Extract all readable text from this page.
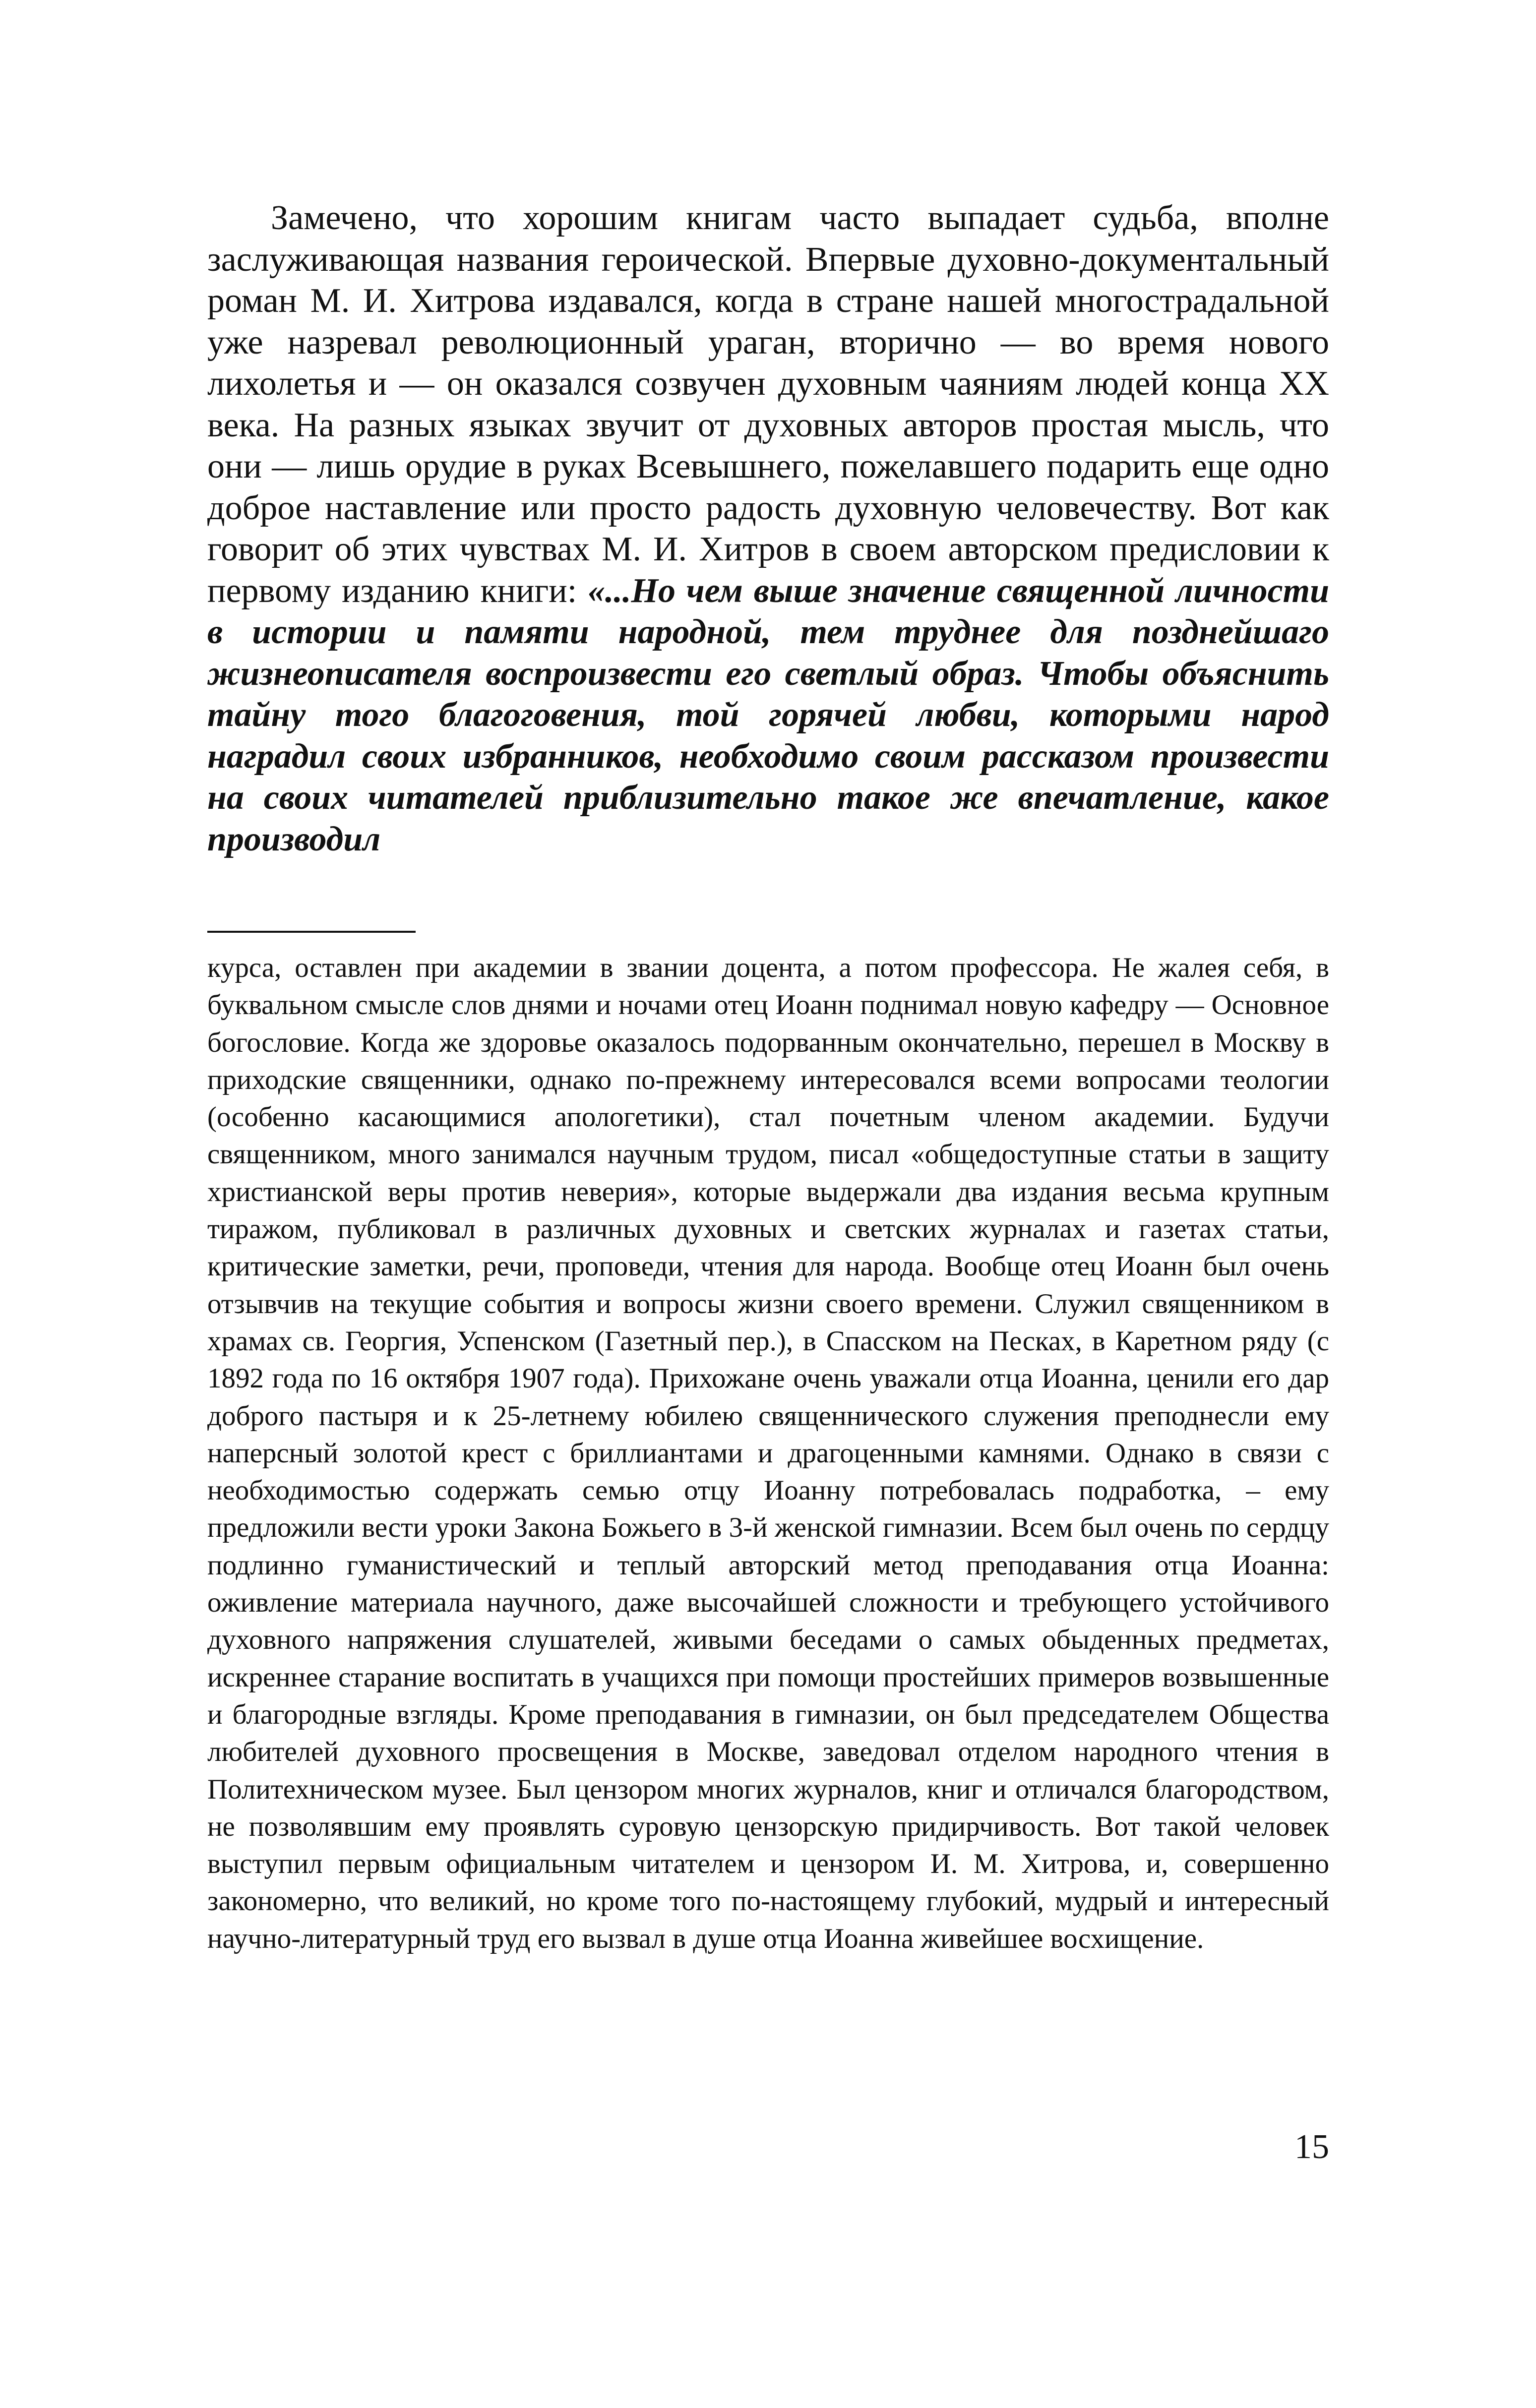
Замечено, что хорошим книгам часто выпадает судьба, вполне заслуживающая названия героической. Впервые духовно-документальный роман М. И. Хитрова издавался, когда в стране нашей многострадальной уже назревал революционный ураган, вторично — во время нового лихолетья и — он оказался созвучен духовным чаяниям людей конца XX века. На разных языках звучит от духовных авторов простая мысль, что они — лишь орудие в руках Всевышнего, пожелавшего подарить еще одно доброе наставление или просто радость духовную человечеству. Вот как говорит об этих чувствах М. И. Хитров в своем авторском предисловии к первому изданию книги: «...Но чем выше значение священной личности в истории и памяти народной, тем труднее для позднейшаго жизнеописателя воспроизвести его светлый образ. Чтобы объяснить тайну того благоговения, той горячей любви, которыми народ наградил своих избранников, необходимо своим рассказом произвести на своих читателей приблизительно такое же впечатление, какое производил

курса, оставлен при академии в звании доцента, а потом профессора. Не жалея себя, в буквальном смысле слов днями и ночами отец Иоанн поднимал новую кафедру — Основное богословие. Когда же здоровье оказалось подорванным окончательно, перешел в Москву в приходские священники, однако по-прежнему интересовался всеми вопросами теологии (особенно касающимися апологетики), стал почетным членом академии. Будучи священником, много занимался научным трудом, писал «общедоступные статьи в защиту христианской веры против неверия», которые выдержали два издания весьма крупным тиражом, публиковал в различных духовных и светских журналах и газетах статьи, критические заметки, речи, проповеди, чтения для народа. Вообще отец Иоанн был очень отзывчив на текущие события и вопросы жизни своего времени. Служил священником в храмах св. Георгия, Успенском (Газетный пер.), в Спасском на Песках, в Каретном ряду (с 1892 года по 16 октября 1907 года). Прихожане очень уважали отца Иоанна, ценили его дар доброго пастыря и к 25-летнему юбилею священнического служения преподнесли ему наперсный золотой крест с бриллиантами и драгоценными камнями. Однако в связи с необходимостью содержать семью отцу Иоанну потребовалась подработка, – ему предложили вести уроки Закона Божьего в 3-й женской гимназии. Всем был очень по сердцу подлинно гуманистический и теплый авторский метод преподавания отца Иоанна: оживление материала научного, даже высочайшей сложности и требующего устойчивого духовного напряжения слушателей, живыми беседами о самых обыденных предметах, искреннее старание воспитать в учащихся при помощи простейших примеров возвышенные и благородные взгляды. Кроме преподавания в гимназии, он был председателем Общества любителей духовного просвещения в Москве, заведовал отделом народного чтения в Политехническом музее. Был цензором многих журналов, книг и отличался благородством, не позволявшим ему проявлять суровую цензорскую придирчивость. Вот такой человек выступил первым официальным читателем и цензором И. М. Хитрова, и, совершенно закономерно, что великий, но кроме того по-настоящему глубокий, мудрый и интересный научно-литературный труд его вызвал в душе отца Иоанна живейшее восхищение.

15
